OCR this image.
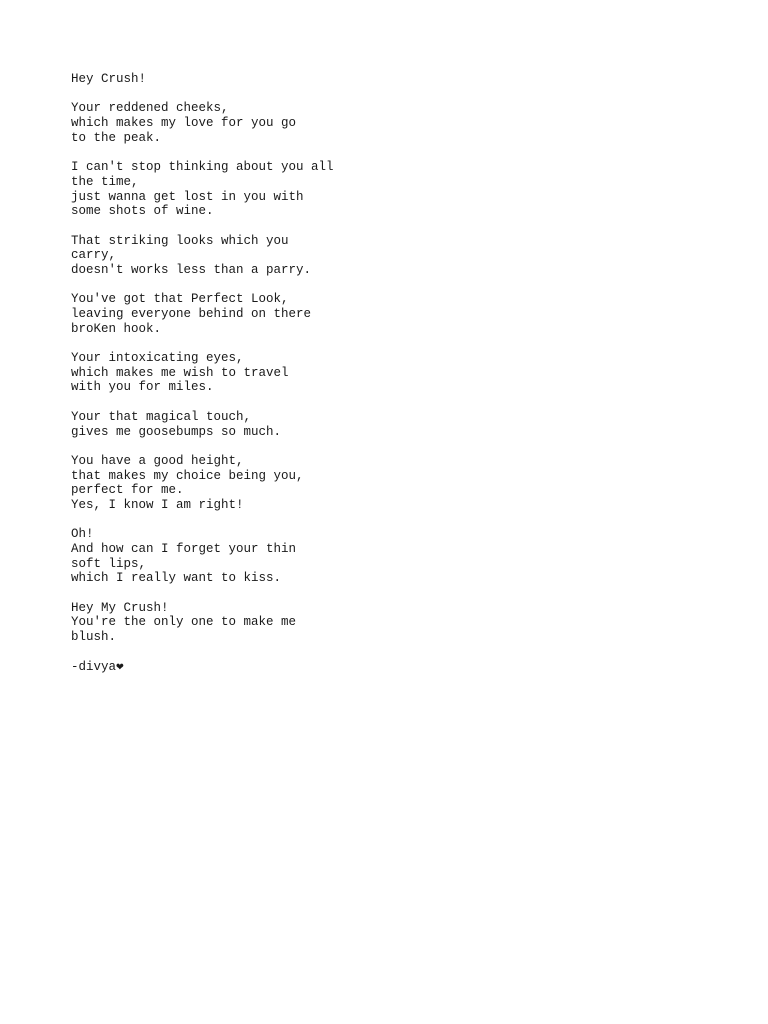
Hey Crush!
Your reddened cheeks,
which makes my love for you go
to the peak.
I can't stop thinking about you all
the time,
just wanna get lost in you with
some shots of wine.
That striking looks which you
carry,
doesn't works less than a parry.
You've got that Perfect Look,
leaving everyone behind on there
broKen hook.
Your intoxicating eyes,
which makes me wish to travel
with you for miles.
Your that magical touch,
gives me goosebumps so much.
You have a good height,
that makes my choice being you,
perfect for me.
Yes, I know I am right!
Oh!
And how can I forget your thin
soft lips,
which I really want to kiss.
Hey My Crush!
You're the only one to make me
blush.
-divya❤
